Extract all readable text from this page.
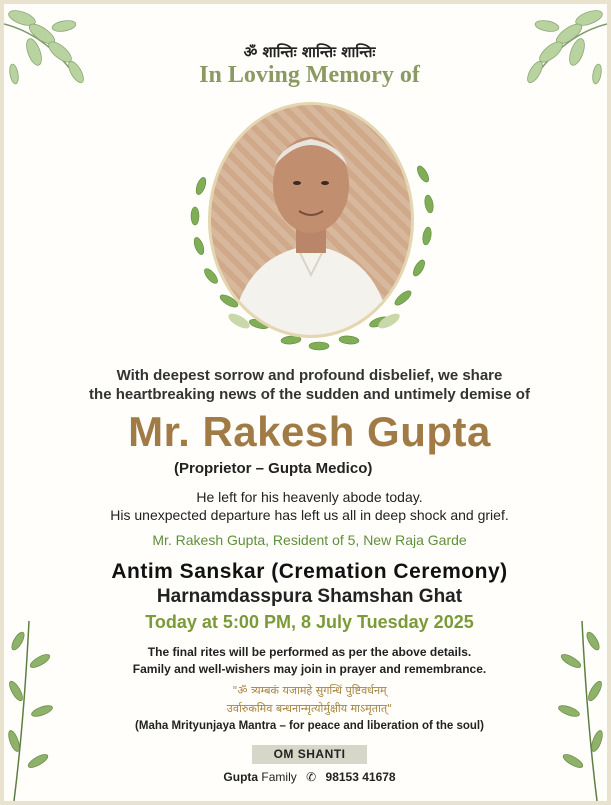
ॐ शान्तिः शान्तिः शान्तिः
In Loving Memory of
With deepest sorrow and profound disbelief, we share
the heartbreaking news of the sudden and untimely demise of
Mr. Rakesh Gupta
(Proprietor – Gupta Medico)
He left for his heavenly abode today.
His unexpected departure has left us all in deep shock and grief.
Mr. Rakesh Gupta, Resident of 5, New Raja Garde
Antim Sanskar (Cremation Ceremony)
Harnamdasspura Shamshan Ghat
Today at 5:00 PM, 8 July Tuesday 2025
The final rites will be performed as per the above details.
Family and well-wishers may join in prayer and remembrance.
"ॐ त्र्यम्बकं यजामहे सुगन्धिं पुष्टिवर्धनम्
उर्वारुकमिव बन्धनान्मृत्योर्मुक्षीय माऽमृतात्"
(Maha Mrityunjaya Mantra – for peace and liberation of the soul)
OM SHANTI
Gupta Family ✆ 98153 41678
